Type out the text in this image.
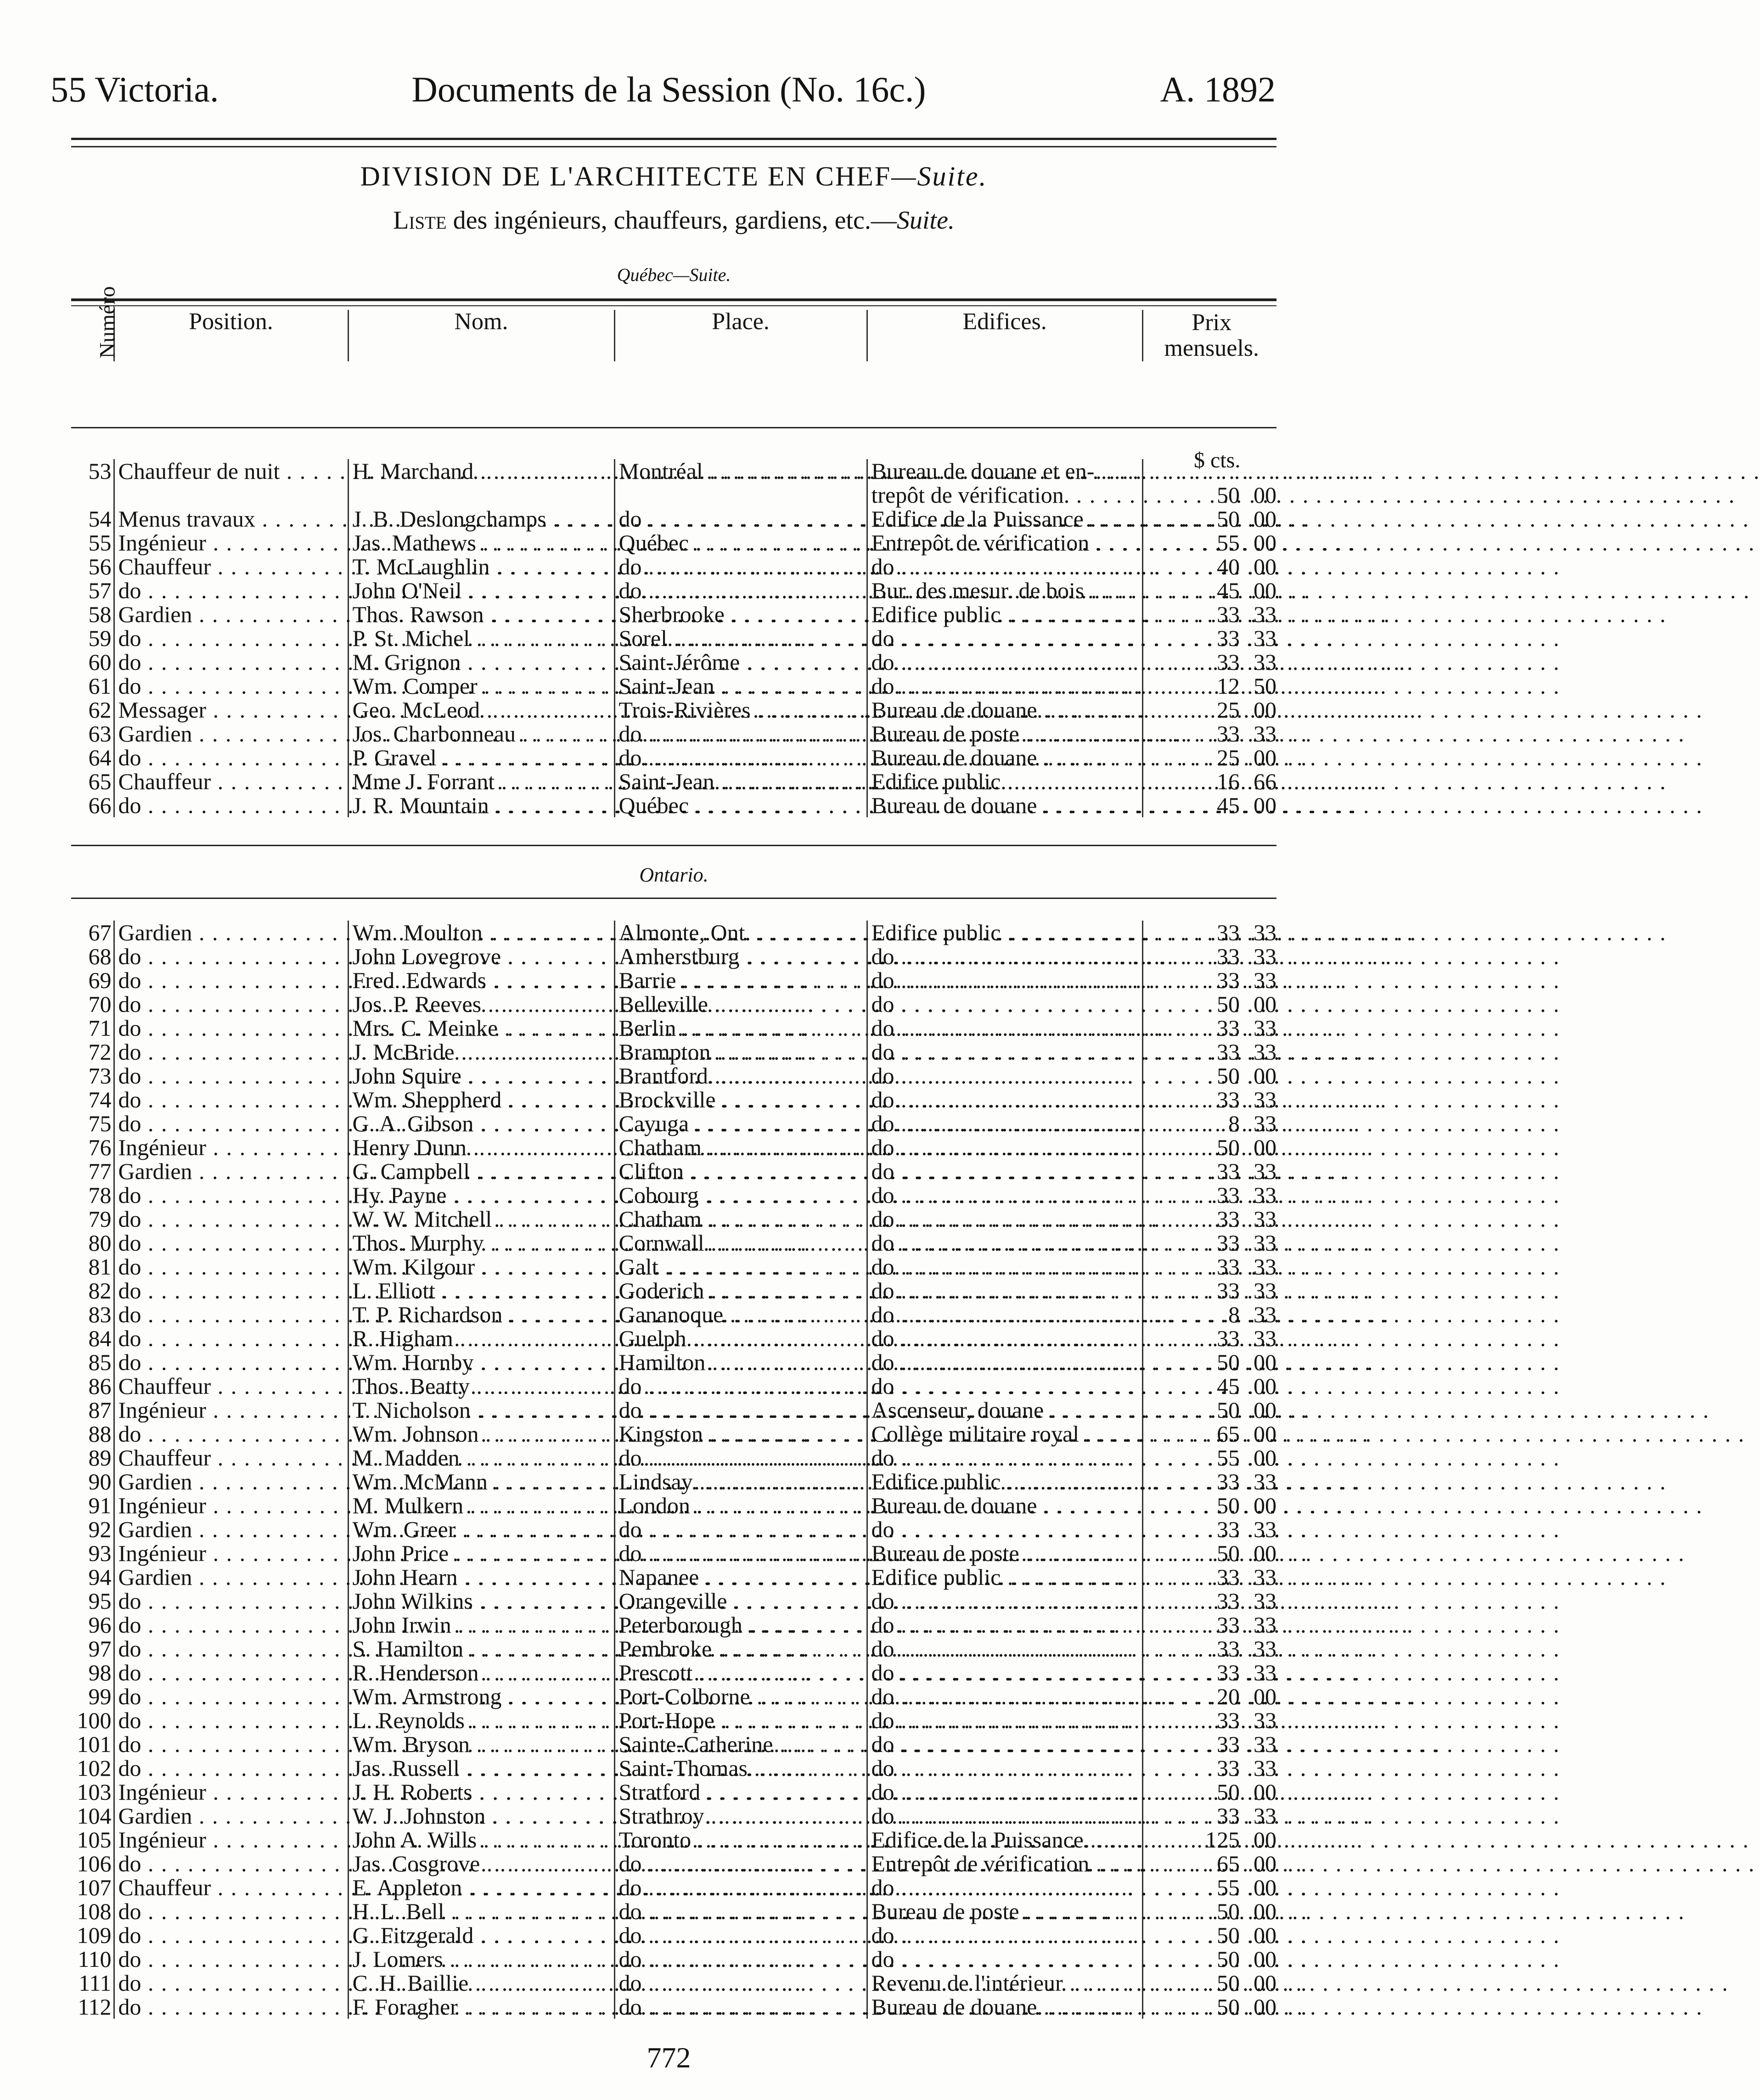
55 Victoria.	Documents de la Session (No. 16c.)	A. 1892
DIVISION DE L'ARCHITECTE EN CHEF—Suite.
Liste des ingénieurs, chauffeurs, gardiens, etc.—Suite.
Québec—Suite.
Numéro	Position.	Nom.	Place.	Edifices.	Prix mensuels.
$ cts.
53	Chauffeur de nuit . . .	H. Marchand . . .	Montréal . . .	Bureau de douane et en- . . .	
				trepôt de vérification. . . .	50 00
54	Menus travaux . . .	J. B. Deslongchamps . . .	do . . .	Edifice de la Puissance . . .	50 00
55	Ingénieur . . .	Jas. Mathews . . .	Québec . . .	Entrepôt de vérification . . .	55 00
56	Chauffeur . . .	T. McLaughlin . . .	do . . .	do . . .	40 00
57	do . . .	John O'Neil . . .	do . . .	Bur. des mesur. de bois . . .	45 00
58	Gardien . . .	Thos. Rawson . . .	Sherbrooke . . .	Edifice public . . .	33 33
59	do . . .	P. St. Michel . . .	Sorel . . .	do . . .	33 33
60	do . . .	M. Grignon . . .	Saint-Jérôme . . .	do . . .	33 33
61	do . . .	Wm. Comper . . .	Saint-Jean . . .	do . . .	12 50
62	Messager . . .	Geo. McLeod . . .	Trois-Rivières . . .	Bureau de douane . . .	25 00
63	Gardien . . .	Jos. Charbonneau . . .	do . . .	Bureau de poste . . .	33 33
64	do . . .	P. Gravel . . .	do . . .	Bureau de douane . . .	25 00
65	Chauffeur . . .	Mme J. Forrant . . .	Saint-Jean . . .	Edifice public . . .	16 66
66	do . . .	J. R. Mountain . . .	Québec . . .	Bureau de douane . . .	45 00
Ontario.
67	Gardien . . .	Wm. Moulton . . .	Almonte, Ont. . . .	Edifice public . . .	33 33
68	do . . .	John Lovegrove . . .	Amherstburg . . .	do . . .	33 33
69	do . . .	Fred. Edwards . . .	Barrie . . .	do . . .	33 33
70	do . . .	Jos. P. Reeves . . .	Belleville . . .	do . . .	50 00
71	do . . .	Mrs. C. Meinke . . .	Berlin . . .	do . . .	33 33
72	do . . .	J. McBride . . .	Brampton . . .	do . . .	33 33
73	do . . .	John Squire . . .	Brantford . . .	do . . .	50 00
74	do . . .	Wm. Sheppherd . . .	Brockville . . .	do . . .	33 33
75	do . . .	G. A. Gibson . . .	Cayuga . . .	do . . .	8 33
76	Ingénieur . . .	Henry Dunn . . .	Chatham . . .	do . . .	50 00
77	Gardien . . .	G. Campbell . . .	Clifton . . .	do . . .	33 33
78	do . . .	Hy. Payne . . .	Cobourg . . .	do . . .	33 33
79	do . . .	W. W. Mitchell . . .	Chatham . . .	do . . .	33 33
80	do . . .	Thos. Murphy . . .	Cornwall . . .	do . . .	33 33
81	do . . .	Wm. Kilgour . . .	Galt . . .	do . . .	33 33
82	do . . .	L. Elliott . . .	Goderich . . .	do . . .	33 33
83	do . . .	T. P. Richardson . . .	Gananoque . . .	do . . .	8 33
84	do . . .	R. Higham . . .	Guelph . . .	do . . .	33 33
85	do . . .	Wm. Hornby . . .	Hamilton . . .	do . . .	50 00
86	Chauffeur . . .	Thos. Beatty . . .	do . . .	do . . .	45 00
87	Ingénieur . . .	T. Nicholson . . .	do . . .	Ascenseur, douane . . .	50 00
88	do . . .	Wm. Johnson . . .	Kingston . . .	Collège militaire royal . . .	65 00
89	Chauffeur . . .	M. Madden . . .	do . . .	do . . .	55 00
90	Gardien . . .	Wm. McMann . . .	Lindsay . . .	Edifice public . . .	33 33
91	Ingénieur . . .	M. Mulkern . . .	London . . .	Bureau de douane . . .	50 00
92	Gardien . . .	Wm. Greer . . .	do . . .	do . . .	33 33
93	Ingénieur . . .	John Price . . .	do . . .	Bureau de poste . . .	50 00
94	Gardien . . .	John Hearn . . .	Napanee . . .	Edifice public . . .	33 33
95	do . . .	John Wilkins . . .	Orangeville . . .	do . . .	33 33
96	do . . .	John Irwin . . .	Peterborough . . .	do . . .	33 33
97	do . . .	S. Hamilton . . .	Pembroke . . .	do . . .	33 33
98	do . . .	R. Henderson . . .	Prescott . . .	do . . .	33 33
99	do . . .	Wm. Armstrong . . .	Port-Colborne . . .	do . . .	20 00
100	do . . .	L. Reynolds . . .	Port-Hope . . .	do . . .	33 33
101	do . . .	Wm. Bryson . . .	Sainte-Catherine . . .	do . . .	33 33
102	do . . .	Jas. Russell . . .	Saint-Thomas . . .	do . . .	33 33
103	Ingénieur . . .	J. H. Roberts . . .	Stratford . . .	do . . .	50 00
104	Gardien . . .	W. J. Johnston . . .	Strathroy . . .	do . . .	33 33
105	Ingénieur . . .	John A. Wills . . .	Toronto . . .	Edifice de la Puissance . . .	125 00
106	do . . .	Jas. Cosgrove . . .	do . . .	Entrepôt de vérification . . .	65 00
107	Chauffeur . . .	E. Appleton . . .	do . . .	do . . .	55 00
108	do . . .	H. L. Bell . . .	do . . .	Bureau de poste . . .	50 00
109	do . . .	G. Fitzgerald . . .	do . . .	do . . .	50 00
110	do . . .	J. Lomers . . .	do . . .	do . . .	50 00
111	do . . .	C. H. Baillie . . .	do . . .	Revenu de l'intérieur . . .	50 00
112	do . . .	F. Foragher . . .	do . . .	Bureau de douane . . .	50 00
772
